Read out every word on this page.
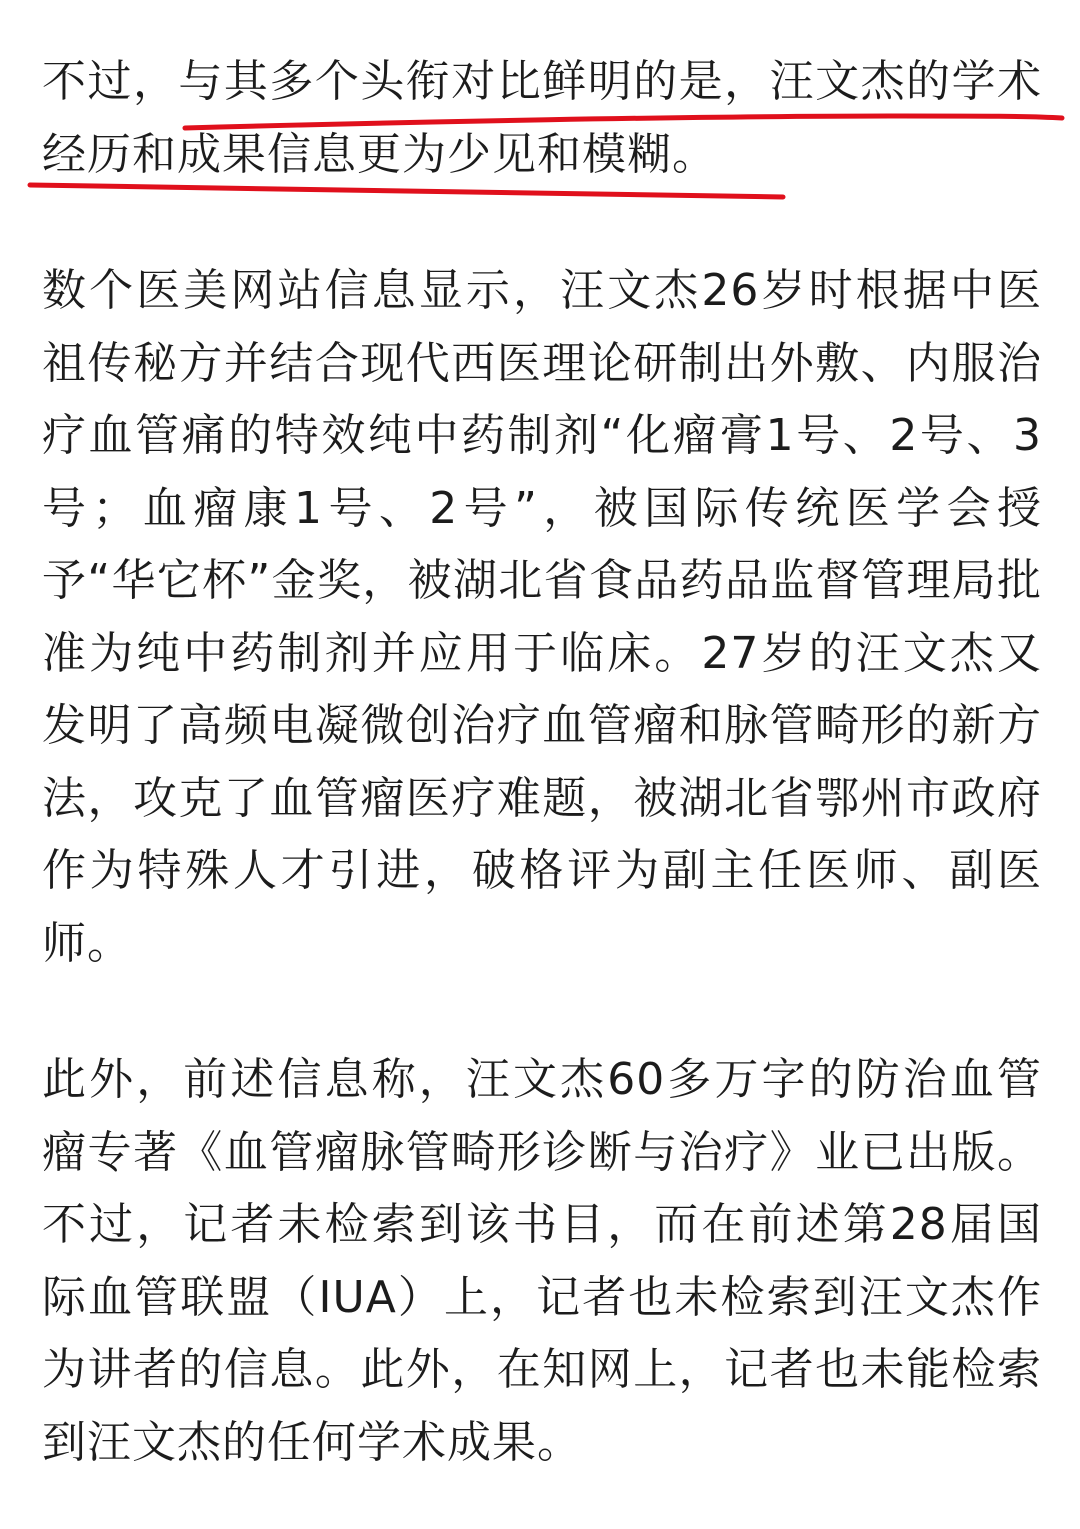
不过，与其多个头衔对比鲜明的是，汪文杰的学术经历和成果信息更为少见和模糊。

数个医美网站信息显示，汪文杰26岁时根据中医祖传秘方并结合现代西医理论研制出外敷、内服治疗血管痛的特效纯中药制剂“化瘤膏1号、2号、3号；血瘤康1号、2号”，被国际传统医学会授予“华它杯”金奖，被湖北省食品药品监督管理局批准为纯中药制剂并应用于临床。27岁的汪文杰又发明了高频电凝微创治疗血管瘤和脉管畸形的新方法，攻克了血管瘤医疗难题，被湖北省鄂州市政府作为特殊人才引进，破格评为副主任医师、副医师。

此外，前述信息称，汪文杰60多万字的防治血管瘤专著《血管瘤脉管畸形诊断与治疗》业已出版。不过，记者未检索到该书目，而在前述第28届国际血管联盟（IUA）上，记者也未检索到汪文杰作为讲者的信息。此外，在知网上，记者也未能检索到汪文杰的任何学术成果。
